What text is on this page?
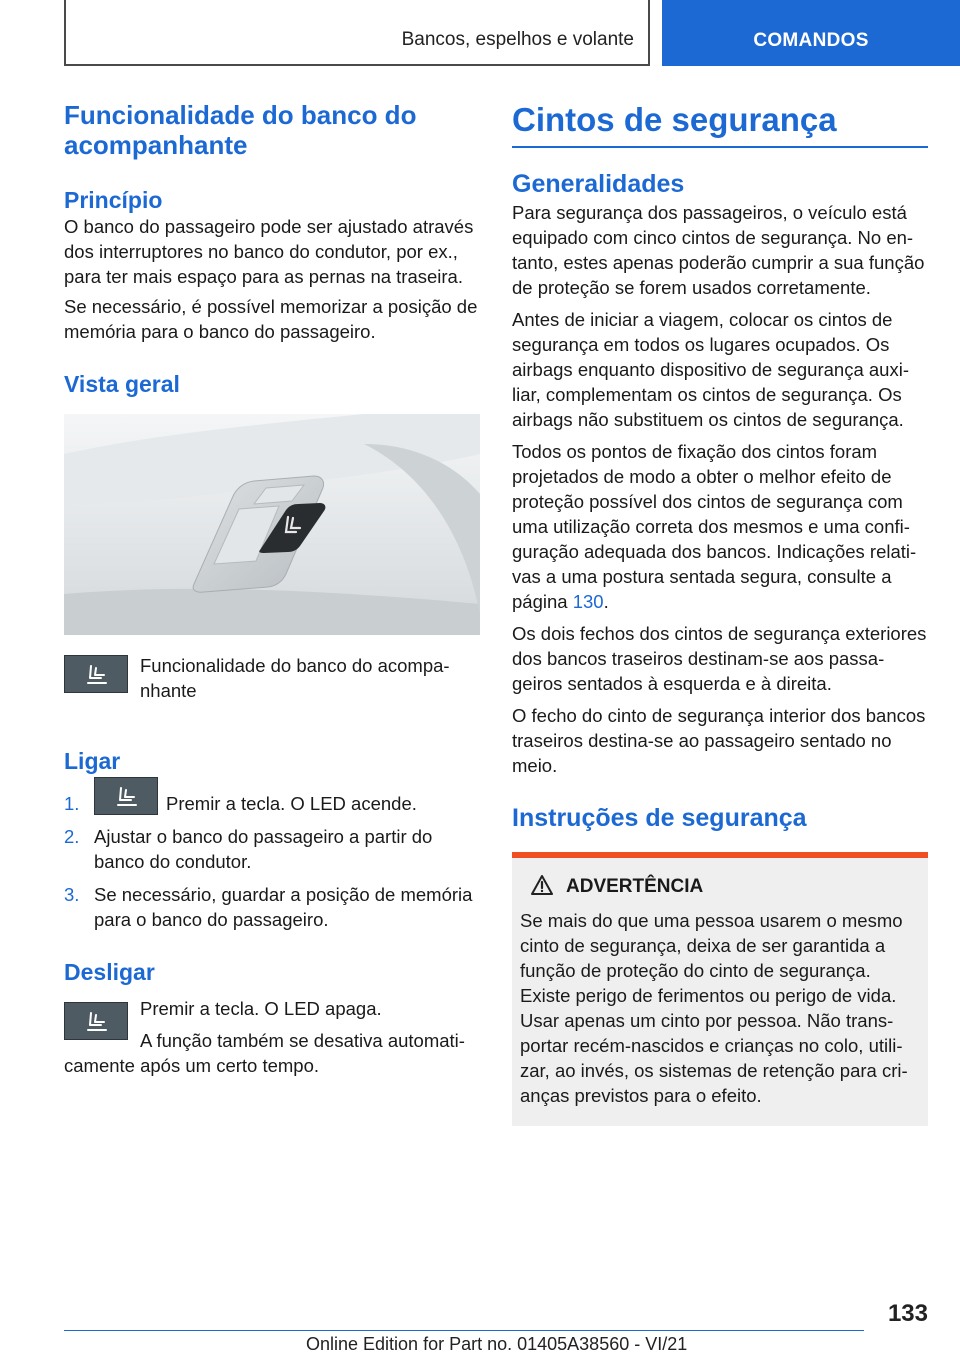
Bancos, espelhos e volante	COMANDOS
Funcionalidade do banco do acompanhante
Princípio
O banco do passageiro pode ser ajustado através dos interruptores no banco do condutor, por ex., para ter mais espaço para as pernas na traseira.
Se necessário, é possível memorizar a posição de memória para o banco do passageiro.
Vista geral
Funcionalidade do banco do acompanhante
Ligar
1.	Premir a tecla. O LED acende.
2. Ajustar o banco do passageiro a partir do banco do condutor.
3. Se necessário, guardar a posição de memória para o banco do passageiro.
Desligar
Premir a tecla. O LED apaga.
A função também se desativa automaticamente após um certo tempo.
Cintos de segurança
Generalidades
Para segurança dos passageiros, o veículo está equipado com cinco cintos de segurança. No entanto, estes apenas poderão cumprir a sua função de proteção se forem usados corretamente.
Antes de iniciar a viagem, colocar os cintos de segurança em todos os lugares ocupados. Os airbags enquanto dispositivo de segurança auxiliar, complementam os cintos de segurança. Os airbags não substituem os cintos de segurança.
Todos os pontos de fixação dos cintos foram projetados de modo a obter o melhor efeito de proteção possível dos cintos de segurança com uma utilização correta dos mesmos e uma configuração adequada dos bancos. Indicações relativas a uma postura sentada segura, consulte a página 130.
Os dois fechos dos cintos de segurança exteriores dos bancos traseiros destinam-se aos passageiros sentados à esquerda e à direita.
O fecho do cinto de segurança interior dos bancos traseiros destina-se ao passageiro sentado no meio.
Instruções de segurança
ADVERTÊNCIA
Se mais do que uma pessoa usarem o mesmo cinto de segurança, deixa de ser garantida a função de proteção do cinto de segurança. Existe perigo de ferimentos ou perigo de vida. Usar apenas um cinto por pessoa. Não transportar recém-nascidos e crianças no colo, utilizar, ao invés, os sistemas de retenção para crianças previstos para o efeito.
133
Online Edition for Part no. 01405A38560 - VI/21
